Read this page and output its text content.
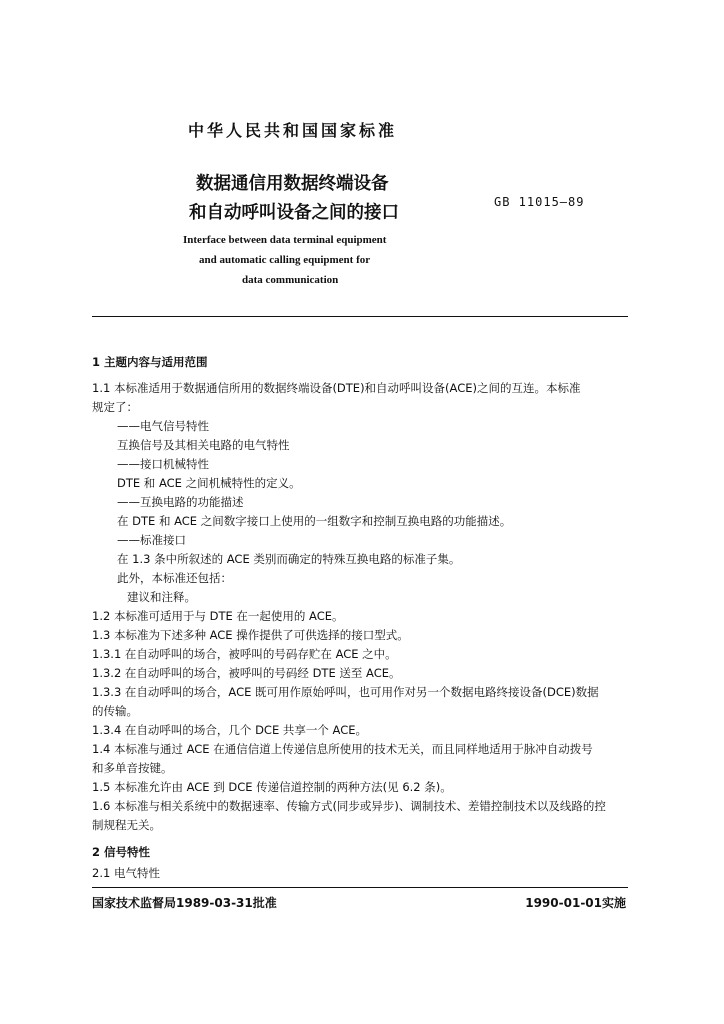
中华人民共和国国家标准
数据通信用数据终端设备
和自动呼叫设备之间的接口
GB 11015—89
Interface between data terminal equipment
and automatic calling equipment for
data communication
1 主题内容与适用范围
1.1 本标准适用于数据通信所用的数据终端设备(DTE)和自动呼叫设备(ACE)之间的互连。本标准
规定了：
——电气信号特性
互换信号及其相关电路的电气特性
——接口机械特性
DTE 和 ACE 之间机械特性的定义。
——互换电路的功能描述
在 DTE 和 ACE 之间数字接口上使用的一组数字和控制互换电路的功能描述。
——标准接口
在 1.3 条中所叙述的 ACE 类别而确定的特殊互换电路的标准子集。
此外，本标准还包括：
建议和注释。
1.2 本标准可适用于与 DTE 在一起使用的 ACE。
1.3 本标准为下述多种 ACE 操作提供了可供选择的接口型式。
1.3.1 在自动呼叫的场合，被呼叫的号码存贮在 ACE 之中。
1.3.2 在自动呼叫的场合，被呼叫的号码经 DTE 送至 ACE。
1.3.3 在自动呼叫的场合，ACE 既可用作原始呼叫，也可用作对另一个数据电路终接设备(DCE)数据
的传输。
1.3.4 在自动呼叫的场合，几个 DCE 共享一个 ACE。
1.4 本标准与通过 ACE 在通信信道上传递信息所使用的技术无关，而且同样地适用于脉冲自动拨号
和多单音按键。
1.5 本标准允许由 ACE 到 DCE 传递信道控制的两种方法(见 6.2 条)。
1.6 本标准与相关系统中的数据速率、传输方式(同步或异步)、调制技术、差错控制技术以及线路的控
制规程无关。
2 信号特性
2.1 电气特性
国家技术监督局1989-03-31批准	1990-01-01实施
